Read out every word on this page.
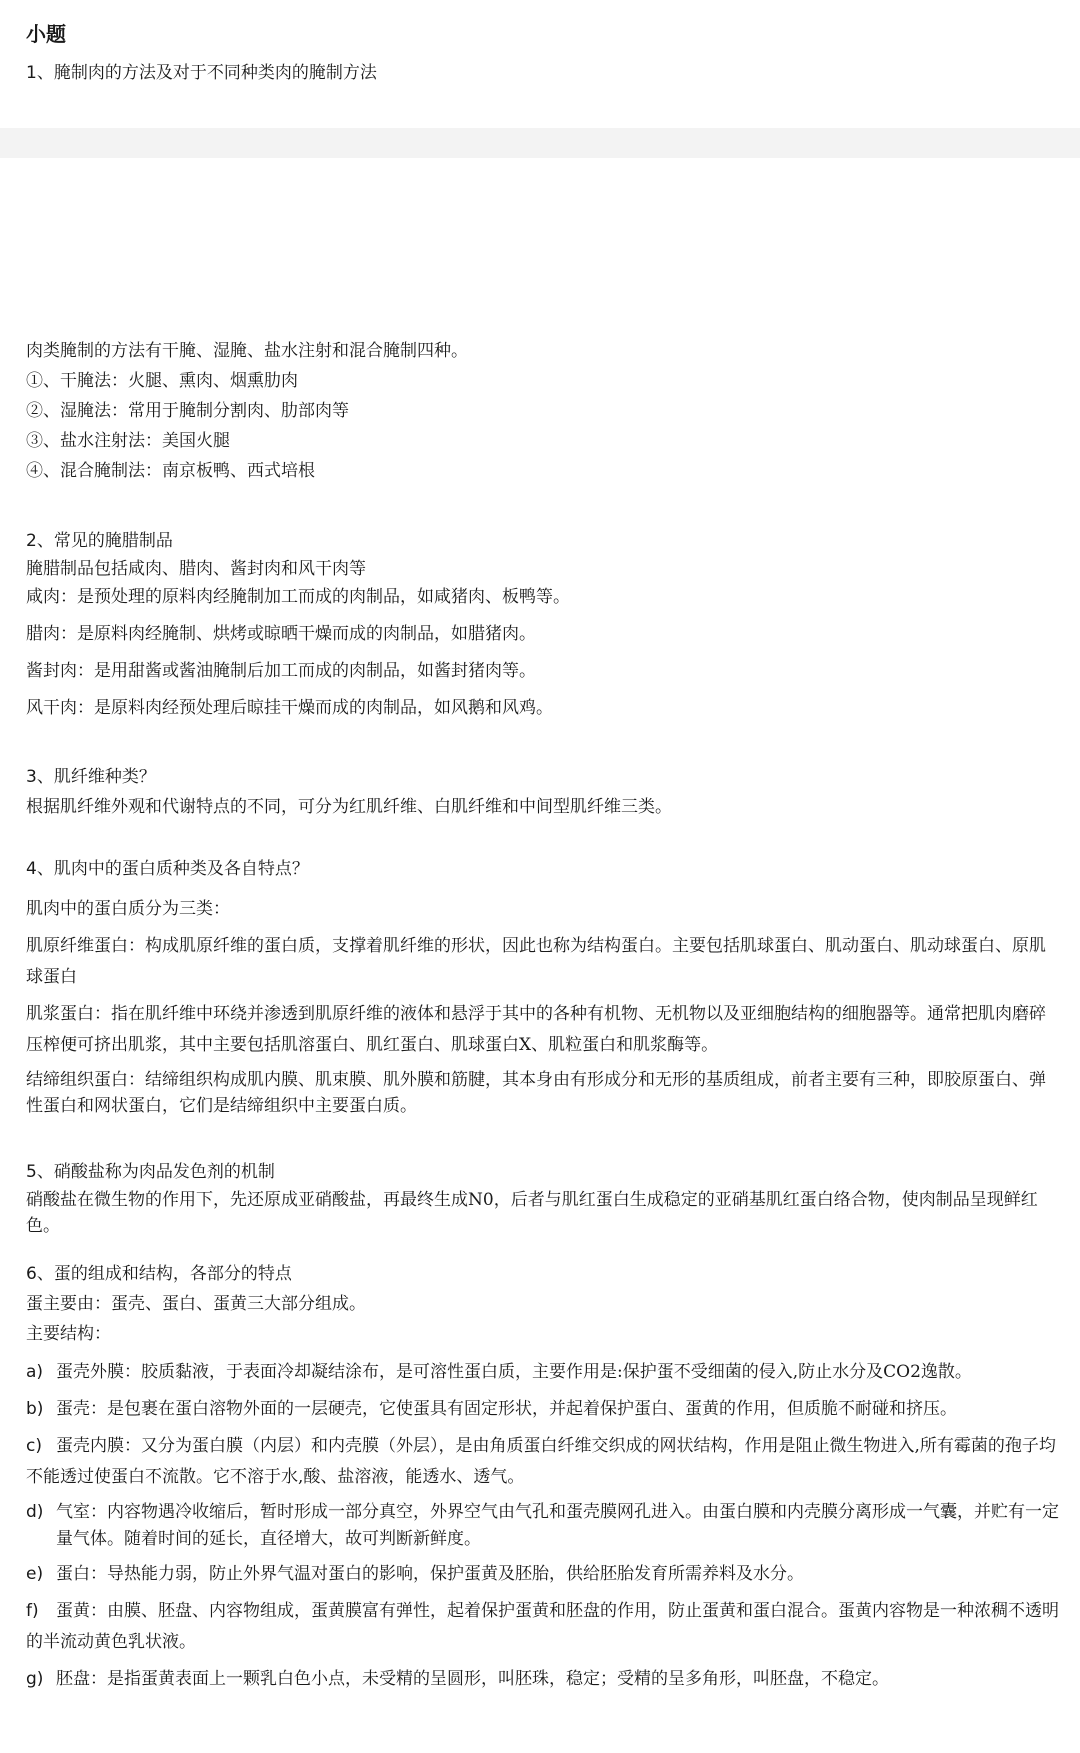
小题
1、腌制肉的方法及对于不同种类肉的腌制方法

肉类腌制的方法有干腌、湿腌、盐水注射和混合腌制四种。

①、干腌法：火腿、熏肉、烟熏肋肉

②、湿腌法：常用于腌制分割肉、肋部肉等

③、盐水注射法：美国火腿

④、混合腌制法：南京板鸭、西式培根

2、常见的腌腊制品

腌腊制品包括咸肉、腊肉、酱封肉和风干肉等

咸肉：是预处理的原料肉经腌制加工而成的肉制品，如咸猪肉、板鸭等。

腊肉：是原料肉经腌制、烘烤或晾晒干燥而成的肉制品，如腊猪肉。

酱封肉：是用甜酱或酱油腌制后加工而成的肉制品，如酱封猪肉等。

风干肉：是原料肉经预处理后晾挂干燥而成的肉制品，如风鹅和风鸡。

3、肌纤维种类？

根据肌纤维外观和代谢特点的不同，可分为红肌纤维、白肌纤维和中间型肌纤维三类。

4、肌肉中的蛋白质种类及各自特点？

肌肉中的蛋白质分为三类：

肌原纤维蛋白：构成肌原纤维的蛋白质，支撑着肌纤维的形状，因此也称为结构蛋白。主要包括肌球蛋白、肌动蛋白、肌动球蛋白、原肌球蛋白

肌浆蛋白：指在肌纤维中环绕并渗透到肌原纤维的液体和悬浮于其中的各种有机物、无机物以及亚细胞结构的细胞器等。通常把肌肉磨碎压榨便可挤出肌浆，其中主要包括肌溶蛋白、肌红蛋白、肌球蛋白X、肌粒蛋白和肌浆酶等。

结缔组织蛋白：结缔组织构成肌内膜、肌束膜、肌外膜和筋腱，其本身由有形成分和无形的基质组成，前者主要有三种，即胶原蛋白、弹性蛋白和网状蛋白，它们是结缔组织中主要蛋白质。

5、硝酸盐称为肉品发色剂的机制

硝酸盐在微生物的作用下，先还原成亚硝酸盐，再最终生成N0，后者与肌红蛋白生成稳定的亚硝基肌红蛋白络合物，使肉制品呈现鲜红色。

6、蛋的组成和结构，各部分的特点

蛋主要由：蛋壳、蛋白、蛋黄三大部分组成。

主要结构：

a) 蛋壳外膜：胶质黏液，于表面冷却凝结涂布，是可溶性蛋白质，主要作用是:保护蛋不受细菌的侵入,防止水分及CO2逸散。
b) 蛋壳：是包裹在蛋白溶物外面的一层硬壳，它使蛋具有固定形状，并起着保护蛋白、蛋黄的作用，但质脆不耐碰和挤压。
c) 蛋壳内膜：又分为蛋白膜（内层）和内壳膜（外层），是由角质蛋白纤维交织成的网状结构，作用是阻止微生物进入,所有霉菌的孢子均不能透过使蛋白不流散。它不溶于水,酸、盐溶液，能透水、透气。
d) 气室：内容物遇冷收缩后，暂时形成一部分真空，外界空气由气孔和蛋壳膜网孔进入。由蛋白膜和内壳膜分离形成一气囊，并贮有一定量气体。随着时间的延长，直径增大，故可判断新鲜度。
e) 蛋白：导热能力弱，防止外界气温对蛋白的影响，保护蛋黄及胚胎，供给胚胎发育所需养料及水分。
f) 蛋黄：由膜、胚盘、内容物组成，蛋黄膜富有弹性，起着保护蛋黄和胚盘的作用，防止蛋黄和蛋白混合。蛋黄内容物是一种浓稠不透明的半流动黄色乳状液。
g) 胚盘：是指蛋黄表面上一颗乳白色小点，未受精的呈圆形，叫胚珠，稳定；受精的呈多角形，叫胚盘，不稳定。
